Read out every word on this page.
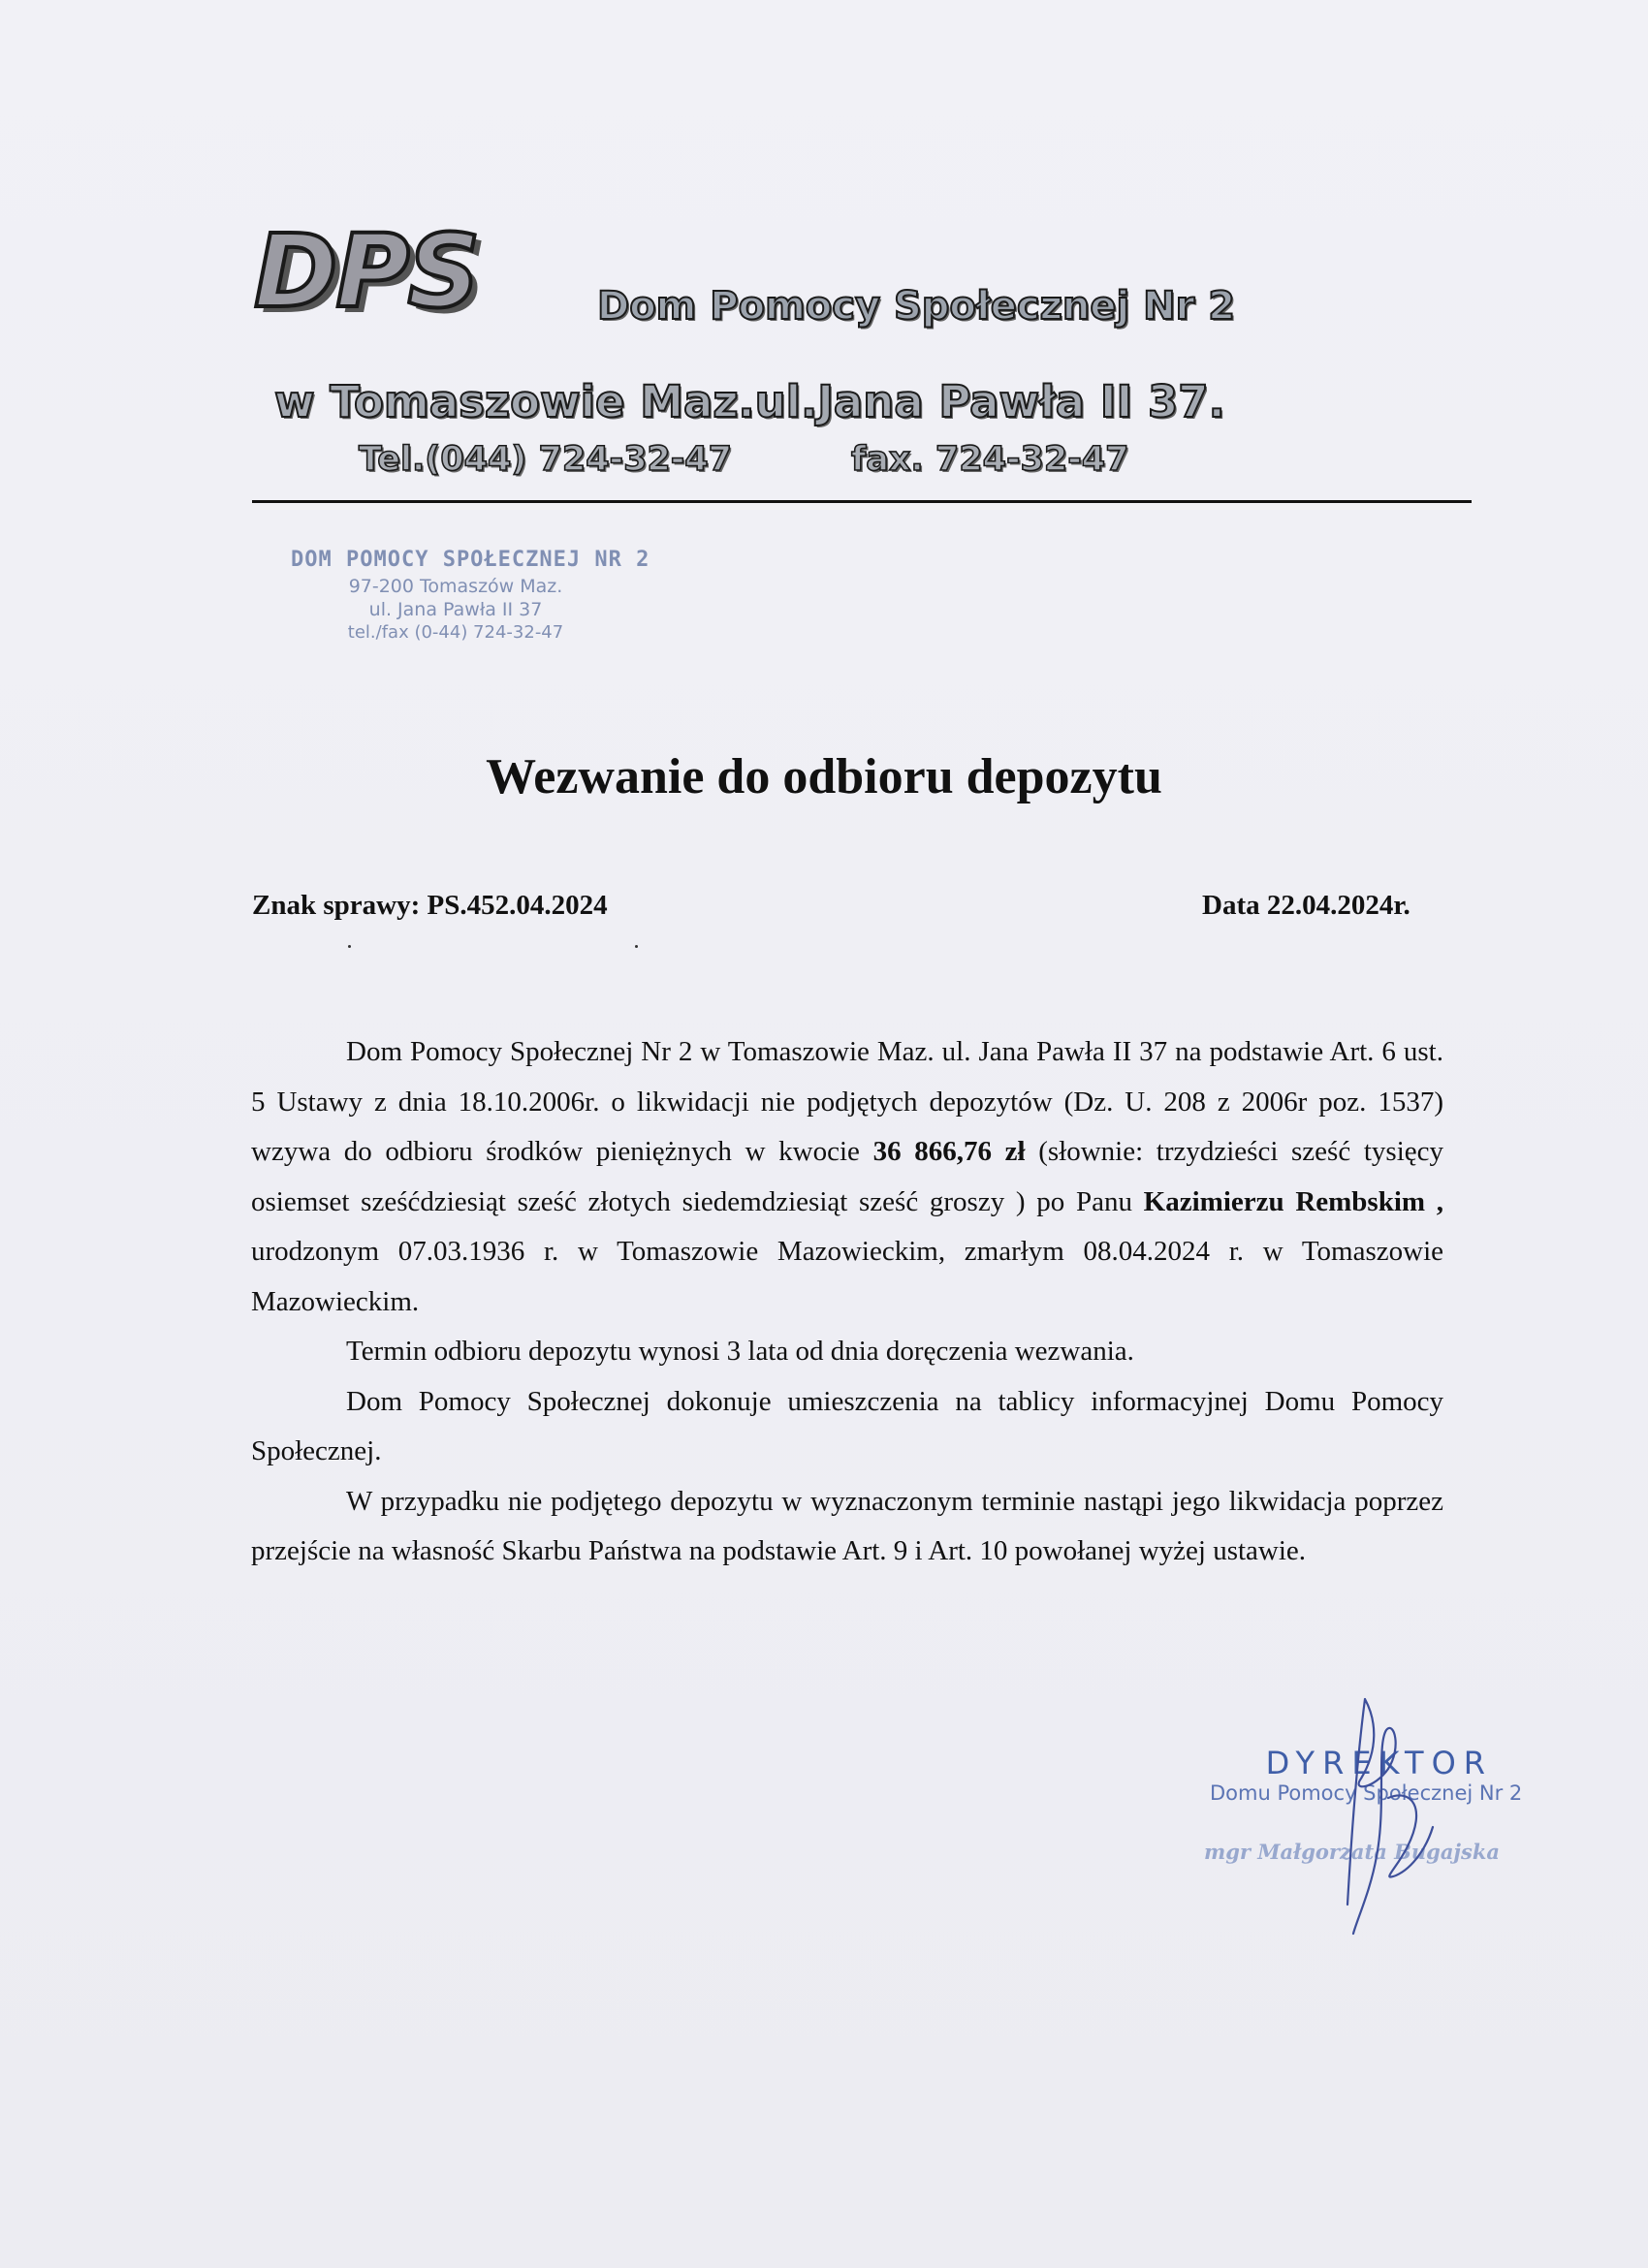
DPS	Dom Pomocy Społecznej Nr 2
w Tomaszowie Maz.ul.Jana Pawła II 37.
Tel.(044) 724-32-47	fax. 724-32-47
DOM POMOCY SPOŁECZNEJ NR 2
97-200 Tomaszów Maz.
ul. Jana Pawła II 37
tel./fax (0-44) 724-32-47
Wezwanie do odbioru depozytu
Znak sprawy: PS.452.04.2024	Data 22.04.2024r.

Dom Pomocy Społecznej Nr 2 w Tomaszowie Maz. ul. Jana Pawła II 37 na podstawie Art. 6 ust. 5 Ustawy z dnia 18.10.2006r. o likwidacji nie podjętych depozytów (Dz. U. 208 z 2006r poz. 1537) wzywa do odbioru środków pieniężnych w kwocie 36 866,76 zł (słownie: trzydzieści sześć tysięcy osiemset sześćdziesiąt sześć złotych siedemdziesiąt sześć groszy ) po Panu Kazimierzu Rembskim , urodzonym 07.03.1936 r. w Tomaszowie Mazowieckim, zmarłym 08.04.2024 r. w Tomaszowie Mazowieckim.

Termin odbioru depozytu wynosi 3 lata od dnia doręczenia wezwania.

Dom Pomocy Społecznej dokonuje umieszczenia na tablicy informacyjnej Domu Pomocy Społecznej.

W przypadku nie podjętego depozytu w wyznaczonym terminie nastąpi jego likwidacja poprzez przejście na własność Skarbu Państwa na podstawie Art. 9 i Art. 10 powołanej wyżej ustawie.

DYREKTOR
Domu Pomocy Społecznej Nr 2
mgr Małgorzata Bugajska
